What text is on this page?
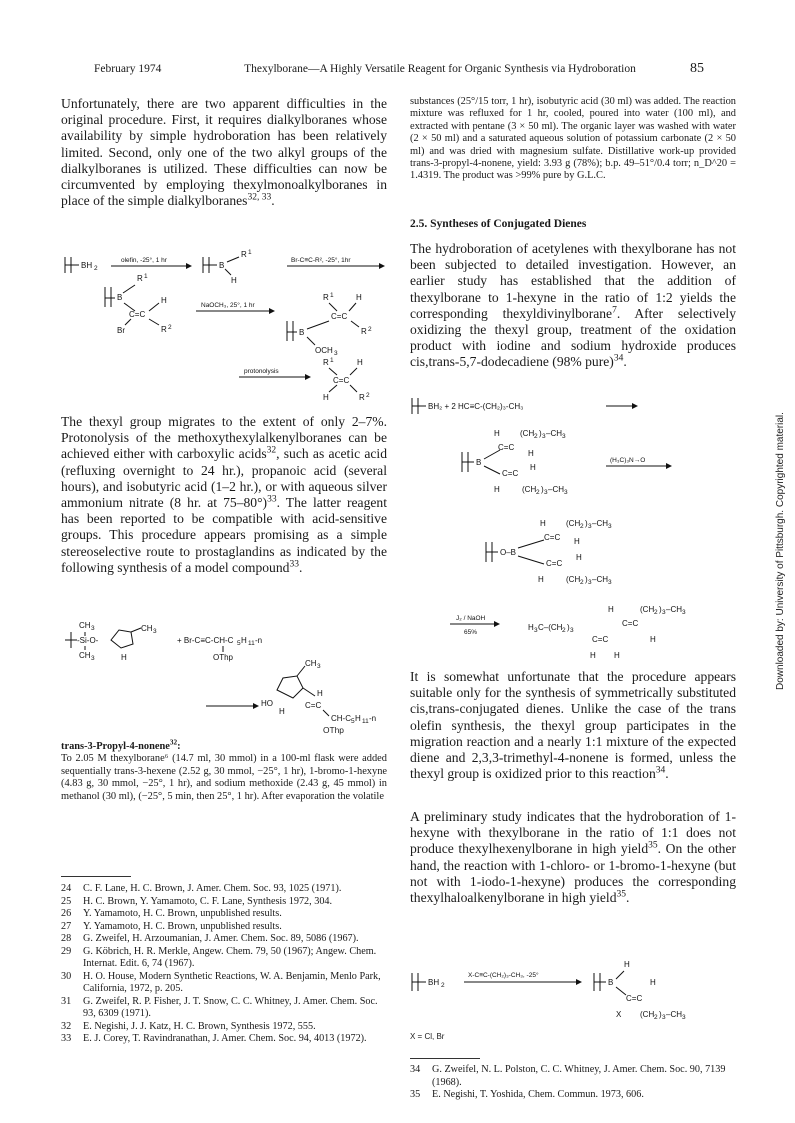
February 1974	Thexylborane—A Highly Versatile Reagent for Organic Synthesis via Hydroboration	85
Downloaded by: University of Pittsburgh. Copyrighted material.

Unfortunately, there are two apparent difficulties in the original procedure. First, it requires dialkylboranes whose availability by simple hydroboration has been relatively limited. Second, only one of the two alkyl groups of the dialkylboranes is utilized. These difficulties can now be circumvented by employing thexylmonoalkylboranes in place of the simple dialkylboranes$^{32, 33}$.

BH 2
olefin, -25°, 1 hr
B
R 1
H
Br-C≡C-R², -25°, 1hr
B
R 1
C=C
H
Br	R 2
NaOCH₃, 25°, 1 hr
R 1	H
C=C
R 2
B
OCH 3
protonolysis
R 1	H
C=C
H	R 2

The thexyl group migrates to the extent of only 2–7%. Protonolysis of the methoxythexylalkenylboranes can be achieved either with carboxylic acids$^{32}$, such as acetic acid (refluxing overnight to 24 hr.), propanoic acid (several hours), and isobutyric acid (1–2 hr.), or with aqueous silver ammonium nitrate (8 hr. at 75–80°)$^{33}$. The latter reagent has been reported to be compatible with acid-sensitive groups. This procedure appears promising as a simple stereoselective route to prostaglandins as indicated by the following synthesis of a model compound$^{33}$.

CH 3
-Si-O-
CH 3
CH 3
H
+ Br-C≡C-CH-C 5 H 11 -n
OThp
CH 3
H
C=C
HO
H
CH-C 5 H 11 -n
OThp

trans-3-Propyl-4-nonene$^{32}$:

To 2.05 M thexylborane⁶ (14.7 ml, 30 mmol) in a 100-ml flask were added sequentially trans-3-hexene (2.52 g, 30 mmol, −25°, 1 hr), 1-bromo-1-hexyne (4.83 g, 30 mmol, −25°, 1 hr), and sodium methoxide (2.43 g, 45 mmol) in methanol (30 ml), (−25°, 5 min, then 25°, 1 hr). After evaporation the volatile

24 C. F. Lane, H. C. Brown, J. Amer. Chem. Soc. 93, 1025 (1971).
25 H. C. Brown, Y. Yamamoto, C. F. Lane, Synthesis 1972, 304.
26 Y. Yamamoto, H. C. Brown, unpublished results.
27 Y. Yamamoto, H. C. Brown, unpublished results.
28 G. Zweifel, H. Arzoumanian, J. Amer. Chem. Soc. 89, 5086 (1967).
29 G. Köbrich, H. R. Merkle, Angew. Chem. 79, 50 (1967); Angew. Chem. Internat. Edit. 6, 74 (1967).
30 H. O. House, Modern Synthetic Reactions, W. A. Benjamin, Menlo Park, California, 1972, p. 205.
31 G. Zweifel, R. P. Fisher, J. T. Snow, C. C. Whitney, J. Amer. Chem. Soc. 93, 6309 (1971).
32 E. Negishi, J. J. Katz, H. C. Brown, Synthesis 1972, 555.
33 E. J. Corey, T. Ravindranathan, J. Amer. Chem. Soc. 94, 4013 (1972).

substances (25°/15 torr, 1 hr), isobutyric acid (30 ml) was added. The reaction mixture was refluxed for 1 hr, cooled, poured into water (100 ml), and extracted with pentane (3 × 50 ml). The organic layer was washed with water (2 × 50 ml) and a saturated aqueous solution of potassium carbonate (2 × 50 ml) and was dried with magnesium sulfate. Distillative work-up provided trans-3-propyl-4-nonene, yield: 3.93 g (78%); b.p. 49–51°/0.4 torr; n_D^20 = 1.4319. The product was >99% pure by G.L.C.

2.5. Syntheses of Conjugated Dienes

The hydroboration of acetylenes with thexylborane has not been subjected to detailed investigation. However, an earlier study has established that the addition of thexylborane to 1-hexyne in the ratio of 1:2 yields the corresponding thexyldivinylborane$^7$. After selectively oxidizing the thexyl group, treatment of the oxidation product with iodine and sodium hydroxide produces cis,trans-5,7-dodecadiene (98% pure)$^{34}$.

BH₂ + 2 HC≡C-(CH₂)₃-CH₃
H	(CH 2 ) 3 –CH 3
C=C
H
B
C=C
H
H	(CH 2 ) 3 –CH 3
(H₃C)₃N→O
H	(CH 2 ) 3 –CH 3
C=C H
O–B
C=C
H
H	(CH 2 ) 3 –CH 3
J₂ / NaOH
65%
H 3 C–(CH 2 ) 3
H	(CH 2 ) 3 –CH 3
C=C
H
C=C
H H

It is somewhat unfortunate that the procedure appears suitable only for the synthesis of symmetrically substituted cis,trans-conjugated dienes. Unlike the case of the trans olefin synthesis, the thexyl group participates in the migration reaction and a nearly 1:1 mixture of the expected diene and 2,3,3-trimethyl-4-nonene is formed, unless the thexyl group is oxidized prior to this reaction$^{34}$.

A preliminary study indicates that the hydroboration of 1-hexyne with thexylborane in the ratio of 1:1 does not produce thexylhexenylborane in high yield$^{35}$. On the other hand, the reaction with 1-chloro- or 1-bromo-1-hexyne (but not with 1-iodo-1-hexyne) produces the corresponding thexylhaloalkenylborane in high yield$^{35}$.

BH 2
X-C≡C-(CH₂)₃-CH₃, -25°
B
H
C=C
H
X (CH 2 ) 3 –CH 3
X = Cl, Br
34 G. Zweifel, N. L. Polston, C. C. Whitney, J. Amer. Chem. Soc. 90, 7139 (1968).
35 E. Negishi, T. Yoshida, Chem. Commun. 1973, 606.
